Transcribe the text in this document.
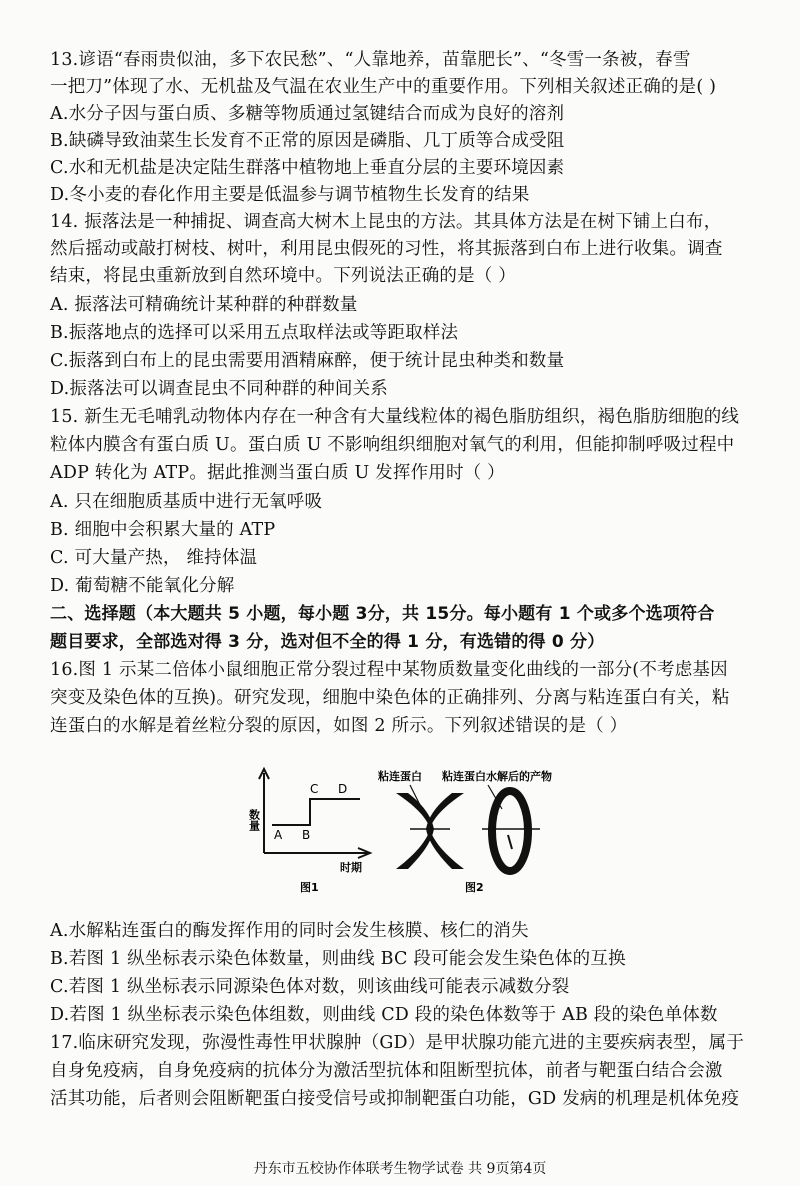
13.谚语“春雨贵似油，多下农民愁”、“人靠地养，苗靠肥长”、“冬雪一条被，春雪
一把刀”体现了水、无机盐及气温在农业生产中的重要作用。下列相关叙述正确的是( )
A.水分子因与蛋白质、多糖等物质通过氢键结合而成为良好的溶剂
B.缺磷导致油菜生长发育不正常的原因是磷脂、几丁质等合成受阻
C.水和无机盐是决定陆生群落中植物地上垂直分层的主要环境因素
D.冬小麦的春化作用主要是低温参与调节植物生长发育的结果
14. 振落法是一种捕捉、调查高大树木上昆虫的方法。其具体方法是在树下铺上白布，
然后摇动或敲打树枝、树叶，利用昆虫假死的习性，将其振落到白布上进行收集。调查
结束，将昆虫重新放到自然环境中。下列说法正确的是（ ）
A. 振落法可精确统计某种群的种群数量
B.振落地点的选择可以采用五点取样法或等距取样法
C.振落到白布上的昆虫需要用酒精麻醉，便于统计昆虫种类和数量
D.振落法可以调查昆虫不同种群的种间关系
15. 新生无毛哺乳动物体内存在一种含有大量线粒体的褐色脂肪组织，褐色脂肪细胞的线
粒体内膜含有蛋白质 U。蛋白质 U 不影响组织细胞对氧气的利用，但能抑制呼吸过程中
ADP 转化为 ATP。据此推测当蛋白质 U 发挥作用时（ ）
A. 只在细胞质基质中进行无氧呼吸
B. 细胞中会积累大量的 ATP
C. 可大量产热， 维持体温
D. 葡萄糖不能氧化分解
二、选择题（本大题共 5 小题，每小题 3分，共 15分。每小题有 1 个或多个选项符合
题目要求，全部选对得 3 分，选对但不全的得 1 分，有选错的得 0 分）
16.图 1 示某二倍体小鼠细胞正常分裂过程中某物质数量变化曲线的一部分(不考虑基因
突变及染色体的互换)。研究发现，细胞中染色体的正确排列、分离与粘连蛋白有关，粘
连蛋白的水解是着丝粒分裂的原因，如图 2 所示。下列叙述错误的是（ ）
A.水解粘连蛋白的酶发挥作用的同时会发生核膜、核仁的消失
B.若图 1 纵坐标表示染色体数量，则曲线 BC 段可能会发生染色体的互换
C.若图 1 纵坐标表示同源染色体对数，则该曲线可能表示减数分裂
D.若图 1 纵坐标表示染色体组数，则曲线 CD 段的染色体数等于 AB 段的染色单体数
17.临床研究发现，弥漫性毒性甲状腺肿（GD）是甲状腺功能亢进的主要疾病表型，属于
自身免疫病，自身免疫病的抗体分为激活型抗体和阻断型抗体，前者与靶蛋白结合会激
活其功能，后者则会阻断靶蛋白接受信号或抑制靶蛋白功能，GD 发病的机理是机体免疫
数量
A B
C D
时期
图1
粘连蛋白 粘连蛋白水解后的产物
图2
丹东市五校协作体联考生物学试卷 共 9页第4页
